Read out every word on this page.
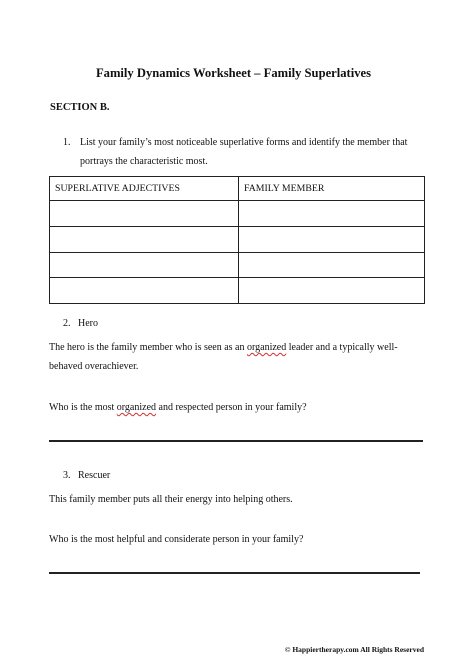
Family Dynamics Worksheet – Family Superlatives
SECTION B.
1. List your family’s most noticeable superlative forms and identify the member that portrays the characteristic most.
SUPERLATIVE ADJECTIVES	FAMILY MEMBER

2. Hero
The hero is the family member who is seen as an organized leader and a typically well-behaved overachiever.
Who is the most organized and respected person in your family?
3. Rescuer
This family member puts all their energy into helping others.
Who is the most helpful and considerate person in your family?
© Happiertherapy.com All Rights Reserved
